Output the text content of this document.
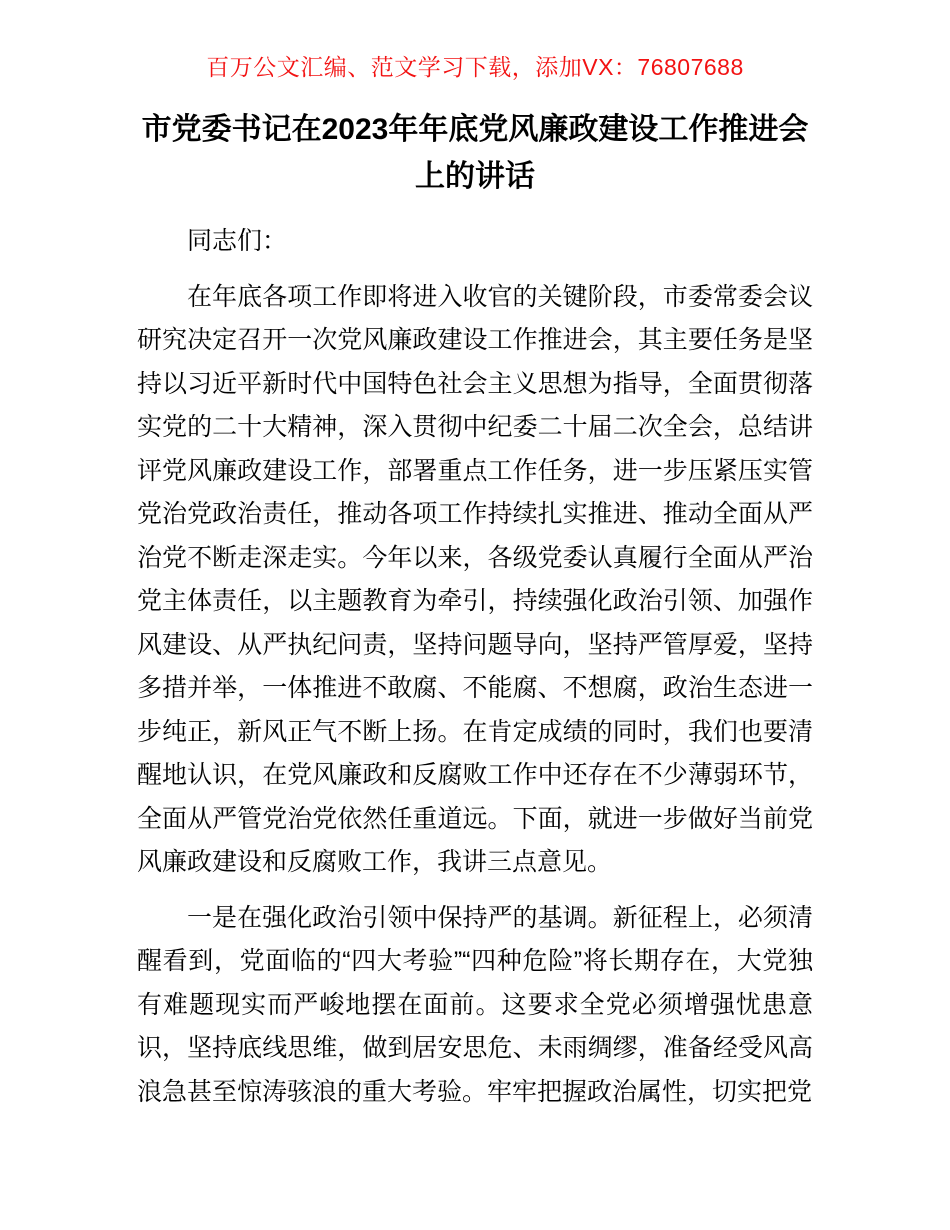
百万公文汇编、范文学习下载，添加VX：76807688
市党委书记在2023年年底党风廉政建设工作推进会上的讲话

同志们：

在年底各项工作即将进入收官的关键阶段，市委常委会议研究决定召开一次党风廉政建设工作推进会，其主要任务是坚持以习近平新时代中国特色社会主义思想为指导，全面贯彻落实党的二十大精神，深入贯彻中纪委二十届二次全会，总结讲评党风廉政建设工作，部署重点工作任务，进一步压紧压实管党治党政治责任，推动各项工作持续扎实推进、推动全面从严治党不断走深走实。今年以来，各级党委认真履行全面从严治党主体责任，以主题教育为牵引，持续强化政治引领、加强作风建设、从严执纪问责，坚持问题导向，坚持严管厚爱，坚持多措并举，一体推进不敢腐、不能腐、不想腐，政治生态进一步纯正，新风正气不断上扬。在肯定成绩的同时，我们也要清醒地认识，在党风廉政和反腐败工作中还存在不少薄弱环节，全面从严管党治党依然任重道远。下面，就进一步做好当前党风廉政建设和反腐败工作，我讲三点意见。

一是在强化政治引领中保持严的基调。新征程上，必须清醒看到，党面临的“四大考验”“四种危险”将长期存在，大党独有难题现实而严峻地摆在面前。这要求全党必须增强忧患意识，坚持底线思维，做到居安思危、未雨绸缪，准备经受风高浪急甚至惊涛骇浪的重大考验。牢牢把握政治属性，切实把党
